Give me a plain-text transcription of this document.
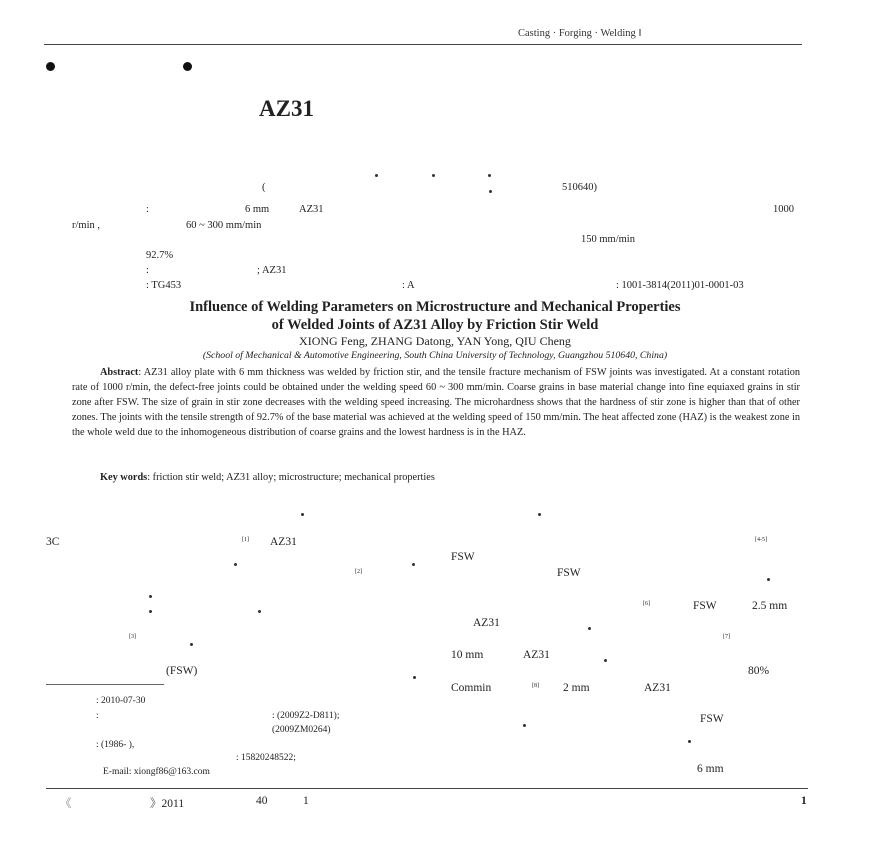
Casting · Forging · Welding ‖
AZ31
(	510640)
:	6 mm	AZ31	1000
r/min ,	60 ~ 300 mm/min
150 mm/min
92.7%
:	; AZ31
: TG453	: A	: 1001-3814(2011)01-0001-03
Influence of Welding Parameters on Microstructure and Mechanical Properties
of Welded Joints of AZ31 Alloy by Friction Stir Weld
XIONG Feng, ZHANG Datong, YAN Yong, QIU Cheng
(School of Mechanical & Automotive Engineering, South China University of Technology, Guangzhou 510640, China)
Abstract: AZ31 alloy plate with 6 mm thickness was welded by friction stir, and the tensile fracture mechanism of FSW joints was investigated. At a constant rotation rate of 1000 r/min, the defect-free joints could be obtained under the welding speed 60 ~ 300 mm/min. Coarse grains in base material change into fine equiaxed grains in stir zone after FSW. The size of grain in stir zone decreases with the welding speed increasing. The microhardness shows that the hardness of stir zone is higher than that of other zones. The joints with the tensile strength of 92.7% of the base material was achieved at the welding speed of 150 mm/min. The heat affected zone (HAZ) is the weakest zone in the whole weld due to the inhomogeneous distribution of coarse grains and the lowest hardness is in the HAZ.
Key words: friction stir weld; AZ31 alloy; microstructure; mechanical properties
3C	[1] AZ31
[2]
[3]
(FSW)
[4-5]
FSW
FSW
[6]	FSW	2.5 mm
AZ31
[7]
10 mm	AZ31
80%
Commin	[8] 2 mm	AZ31
FSW
6 mm
: 2010-07-30
:	: (2009Z2-D811);
(2009ZM0264)
: (1986- ),
: 15820248522;
E-mail: xiongf86@163.com
《	》2011	40	1	1
